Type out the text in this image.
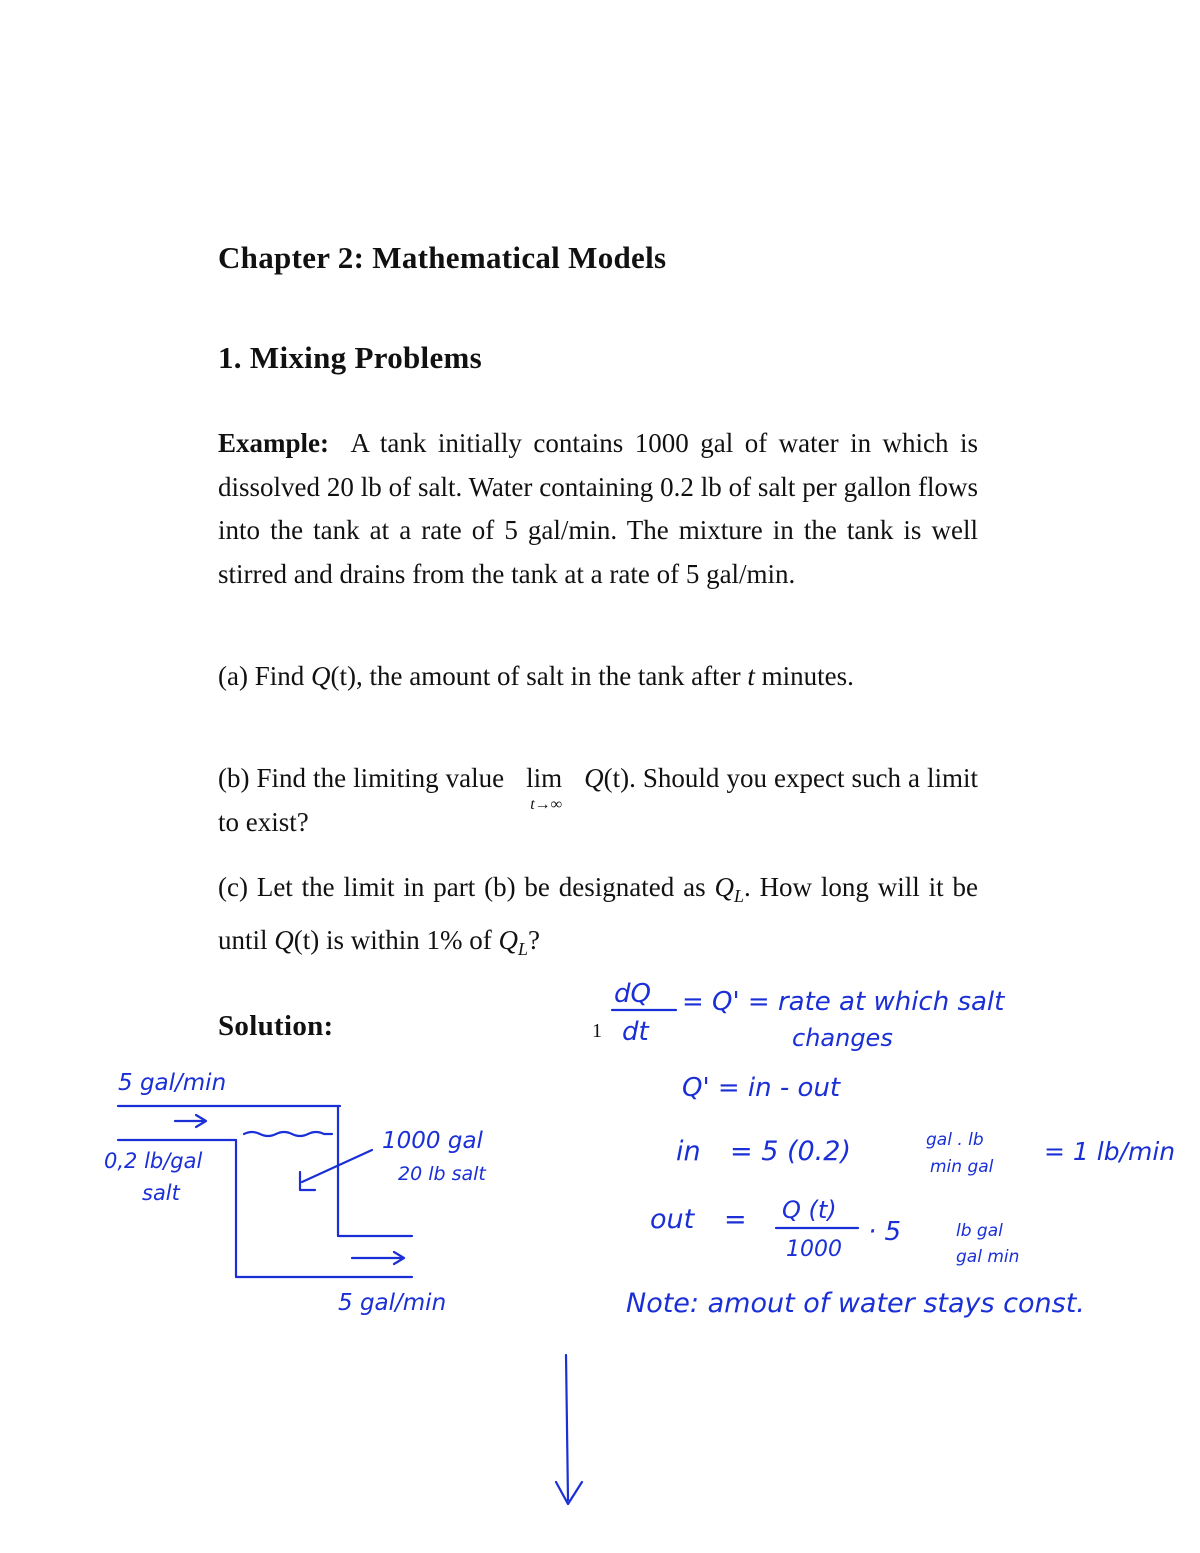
Chapter 2: Mathematical Models
1. Mixing Problems
Example: A tank initially contains 1000 gal of water in which is dissolved 20 lb of salt. Water containing 0.2 lb of salt per gallon flows into the tank at a rate of 5 gal/min. The mixture in the tank is well stirred and drains from the tank at a rate of 5 gal/min.
(a) Find Q(t), the amount of salt in the tank after t minutes.
(b) Find the limiting value lim
t→∞
Q(t). Should you expect such a limit to exist?
(c) Let the limit in part (b) be designated as $Q_L$. How long will it be until Q(t) is within 1% of $Q_L$?
Solution:	1
5 gal/min
0,2 lb/gal
salt
1000 gal
20 lb salt
5 gal/min
dQ
dt
= Q' = rate at which salt
changes
Q' = in - out
in = 5 (0.2)	gal . lb
min gal
= 1 lb/min
out = Q (t)
1000
· 5	lb gal
gal min
Note: amout of water stays const.
